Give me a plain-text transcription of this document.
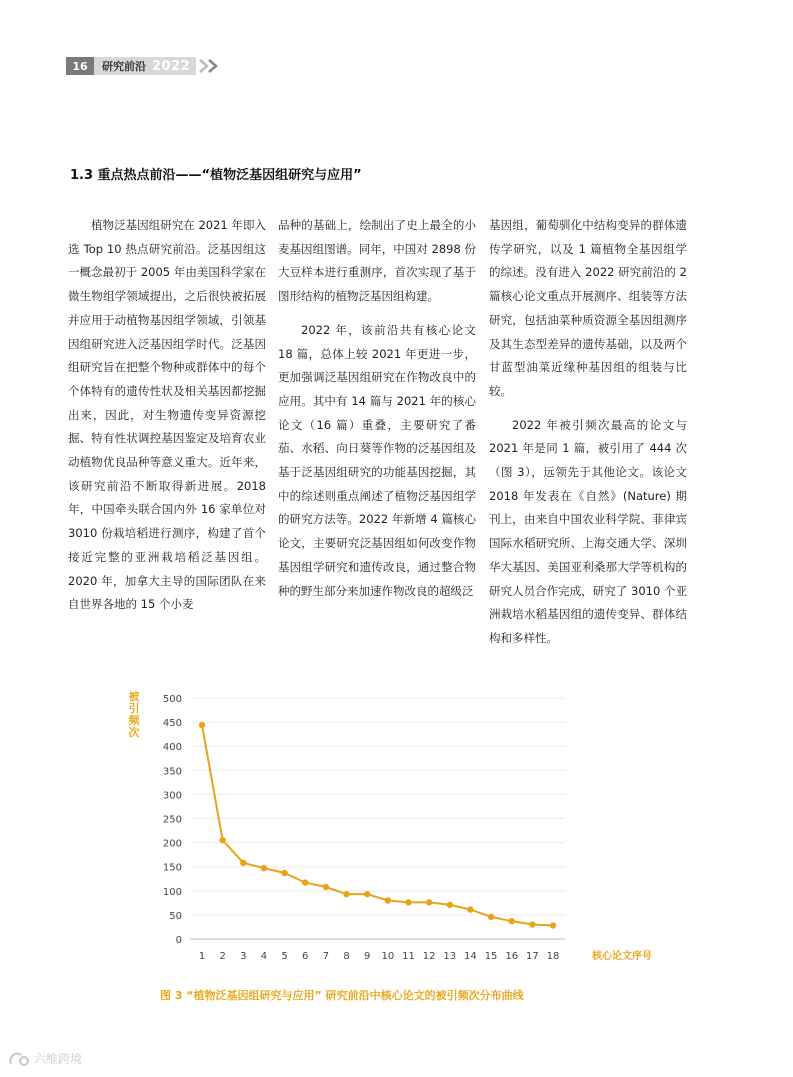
16	研究前沿 2022
1.3 重点热点前沿——“植物泛基因组研究与应用”

植物泛基因组研究在 2021 年即入选 Top 10 热点研究前沿。泛基因组这一概念最初于 2005 年由美国科学家在微生物组学领域提出，之后很快被拓展并应用于动植物基因组学领域，引领基因组研究进入泛基因组学时代。泛基因组研究旨在把整个物种或群体中的每个个体特有的遗传性状及相关基因都挖掘出来，因此，对生物遗传变异资源挖掘、特有性状调控基因鉴定及培育农业动植物优良品种等意义重大。近年来，该研究前沿不断取得新进展。2018 年，中国牵头联合国内外 16 家单位对 3010 份栽培稻进行测序，构建了首个接近完整的亚洲栽培稻泛基因组。2020 年，加拿大主导的国际团队在来自世界各地的 15 个小麦

品种的基础上，绘制出了史上最全的小麦基因组图谱。同年，中国对 2898 份大豆样本进行重测序，首次实现了基于图形结构的植物泛基因组构建。

2022 年，该前沿共有核心论文 18 篇，总体上较 2021 年更进一步，更加强调泛基因组研究在作物改良中的应用。其中有 14 篇与 2021 年的核心论文（16 篇）重叠，主要研究了番茄、水稻、向日葵等作物的泛基因组及基于泛基因组研究的功能基因挖掘，其中的综述则重点阐述了植物泛基因组学的研究方法等。2022 年新增 4 篇核心论文，主要研究泛基因组如何改变作物基因组学研究和遗传改良，通过整合物种的野生部分来加速作物改良的超级泛

基因组，葡萄驯化中结构变异的群体遗传学研究，以及 1 篇植物全基因组学的综述。没有进入 2022 研究前沿的 2 篇核心论文重点开展测序、组装等方法研究，包括油菜种质资源全基因组测序及其生态型差异的遗传基础，以及两个甘蓝型油菜近缘种基因组的组装与比较。

2022 年被引频次最高的论文与 2021 年是同 1 篇，被引用了 444 次（图 3），远领先于其他论文。该论文 2018 年发表在《自然》(Nature) 期刊上，由来自中国农业科学院、菲律宾国际水稻研究所、上海交通大学、深圳华大基因、美国亚利桑那大学等机构的研究人员合作完成，研究了 3010 个亚洲栽培水稻基因组的遗传变异、群体结构和多样性。

0
50
100
150
200
250
300
350
400
450
500
1 2 3 4 5 6 7 8 9 10 11 12 13 14 15 16 17 18
被
引
频
次
核心论文序号
图 3 “植物泛基因组研究与应用” 研究前沿中核心论文的被引频次分布曲线
六维跨境
